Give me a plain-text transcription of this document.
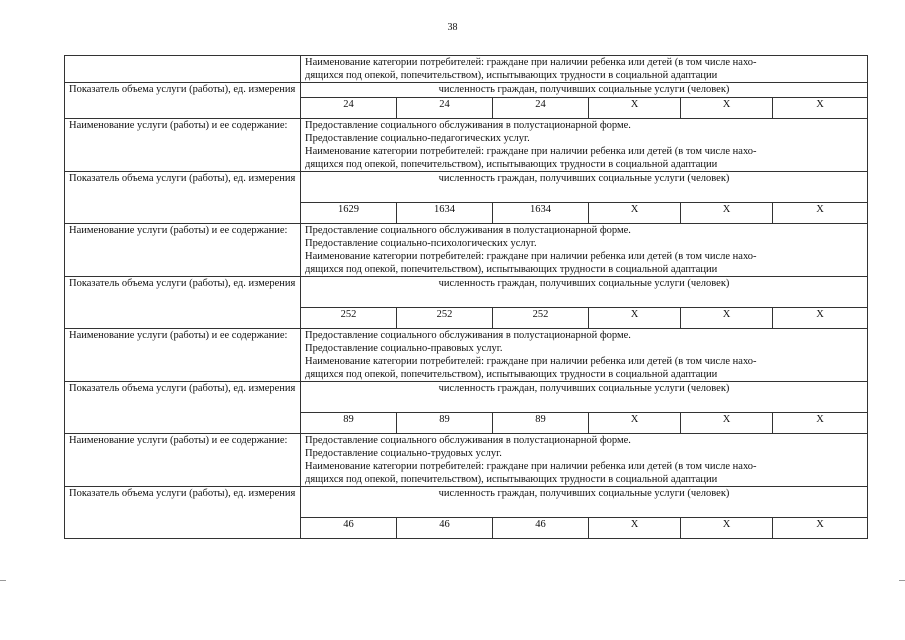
38

	Наименование категории потребителей: граждане при наличии ребенка или детей (в том числе нахо-
дящихся под опекой, попечительством), испытывающих трудности в социальной адаптации					

Показатель объема услуги (работы), ед. измерения	численность граждан, получивших социальные услуги (человек)					
	24	24	24	X	X	X
Наименование услуги (работы) и ее содержание:	Предоставление социального обслуживания в полустационарной форме.
Предоставление социально-педагогических услуг.
Наименование категории потребителей: граждане при наличии ребенка или детей (в том числе нахо-
дящихся под опекой, попечительством), испытывающих трудности в социальной адаптации					

Показатель объема услуги (работы), ед. измерения	численность граждан, получивших социальные услуги (человек)					
	1629	1634	1634	X	X	X
Наименование услуги (работы) и ее содержание:	Предоставление социального обслуживания в полустационарной форме.
Предоставление социально-психологических услуг.
Наименование категории потребителей: граждане при наличии ребенка или детей (в том числе нахо-
дящихся под опекой, попечительством), испытывающих трудности в социальной адаптации					

Показатель объема услуги (работы), ед. измерения	численность граждан, получивших социальные услуги (человек)					
	252	252	252	X	X	X
Наименование услуги (работы) и ее содержание:	Предоставление социального обслуживания в полустационарной форме.
Предоставление социально-правовых услуг.
Наименование категории потребителей: граждане при наличии ребенка или детей (в том числе нахо-
дящихся под опекой, попечительством), испытывающих трудности в социальной адаптации					

Показатель объема услуги (работы), ед. измерения	численность граждан, получивших социальные услуги (человек)					
	89	89	89	X	X	X
Наименование услуги (работы) и ее содержание:	Предоставление социального обслуживания в полустационарной форме.
Предоставление социально-трудовых услуг.
Наименование категории потребителей: граждане при наличии ребенка или детей (в том числе нахо-
дящихся под опекой, попечительством), испытывающих трудности в социальной адаптации					

Показатель объема услуги (работы), ед. измерения	численность граждан, получивших социальные услуги (человек)					
	46	46	46	X	X	X
